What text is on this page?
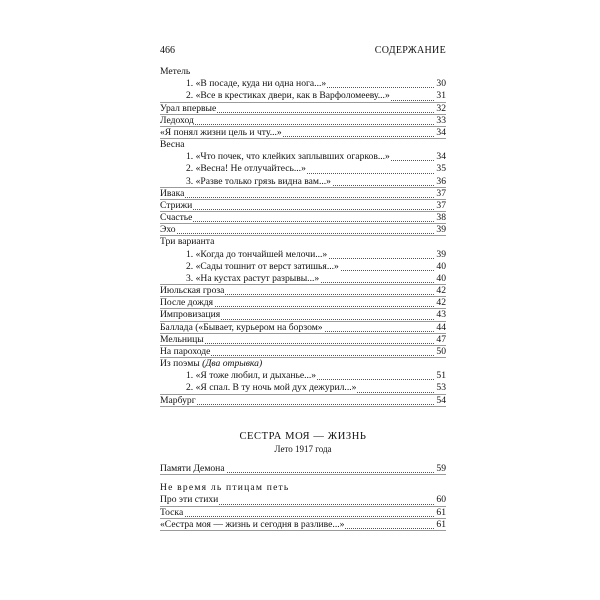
466	СОДЕРЖАНИЕ
Метель
1. «В посаде, куда ни одна нога...»	30
2. «Все в крестиках двери, как в Варфоломееву...»	31
Урал впервые	32
Ледоход	33
«Я понял жизни цель и чту...»	34
Весна
1. «Что почек, что клейких заплывших огарков...»	34
2. «Весна! Не отлучайтесь...»	35
3. «Разве только грязь видна вам...»	36
Ивака	37
Стрижи	37
Счастье	38
Эхо	39
Три варианта
1. «Когда до тончайшей мелочи...»	39
2. «Сады тошнит от верст затишья...»	40
3. «На кустах растут разрывы...»	40
Июльская гроза	42
После дождя	42
Импровизация	43
Баллада («Бывает, курьером на борзом»	44
Мельницы	47
На пароходе	50
Из поэмы (Два отрывка)
1. «Я тоже любил, и дыханье...»	51
2. «Я спал. В ту ночь мой дух дежурил...»	53
Марбург	54
СЕСТРА МОЯ — ЖИЗНЬ
Лето 1917 года
Памяти Демона	59
Не время ль птицам петь
Про эти стихи	60
Тоска	61
«Сестра моя — жизнь и сегодня в разливе...»	61
